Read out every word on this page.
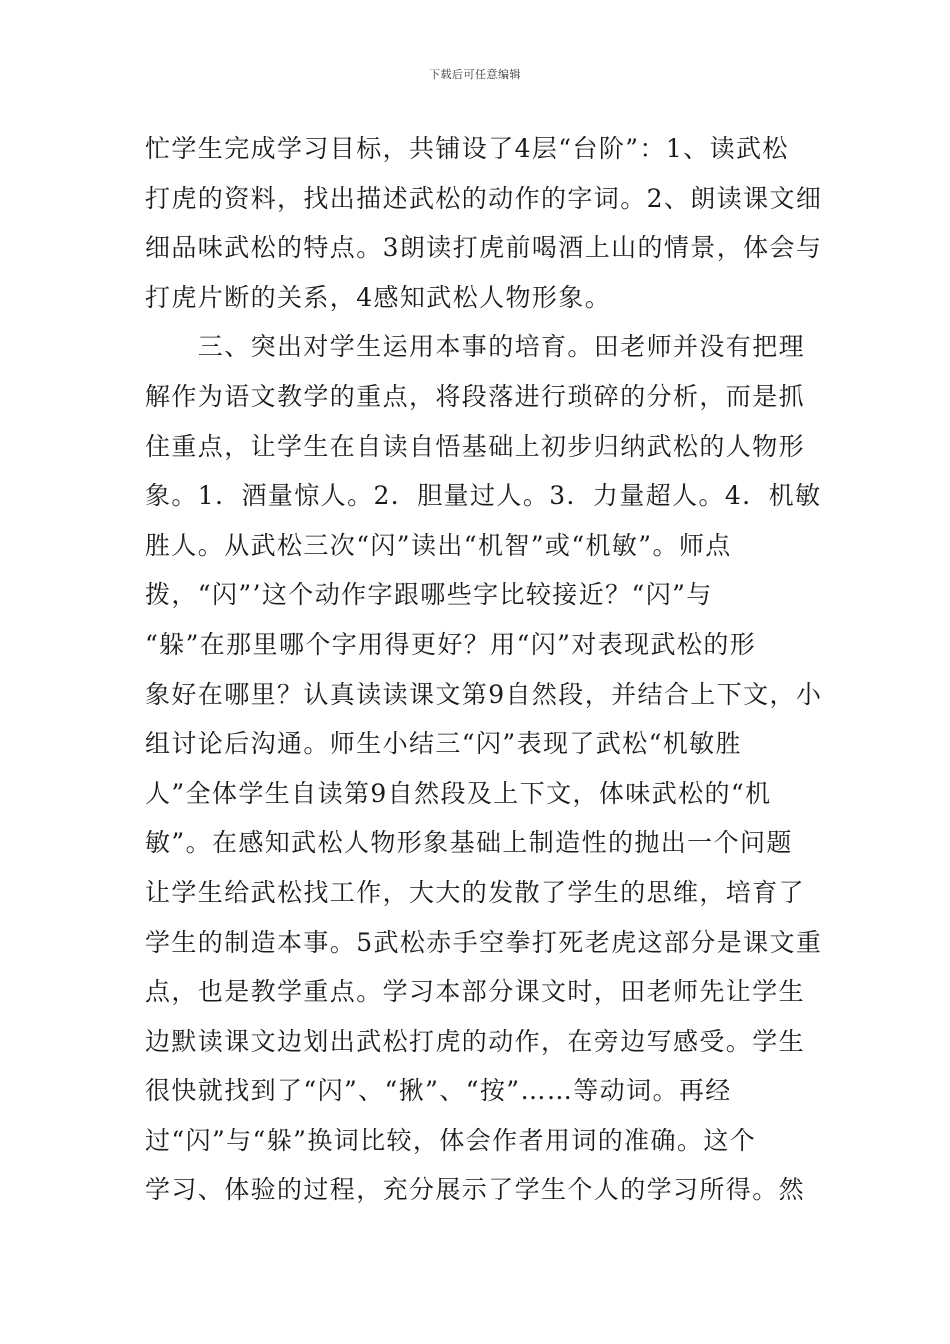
下载后可任意编辑
忙学生完成学习目标，共铺设了4层“台阶”：1、读武松
打虎的资料，找出描述武松的动作的字词。2、朗读课文细
细品味武松的特点。3朗读打虎前喝酒上山的情景，体会与
打虎片断的关系，4感知武松人物形象。
　　三、突出对学生运用本事的培育。田老师并没有把理
解作为语文教学的重点，将段落进行琐碎的分析，而是抓
住重点，让学生在自读自悟基础上初步归纳武松的人物形
象。1．酒量惊人。2．胆量过人。3．力量超人。4．机敏
胜人。从武松三次“闪”读出“机智”或“机敏”。师点
拨，“闪”’这个动作字跟哪些字比较接近？“闪”与
“躲”在那里哪个字用得更好？用“闪”对表现武松的形
象好在哪里？认真读读课文第9自然段，并结合上下文，小
组讨论后沟通。师生小结三“闪”表现了武松“机敏胜
人”全体学生自读第9自然段及上下文，体味武松的“机
敏”。在感知武松人物形象基础上制造性的抛出一个问题
让学生给武松找工作，大大的发散了学生的思维，培育了
学生的制造本事。5武松赤手空拳打死老虎这部分是课文重
点，也是教学重点。学习本部分课文时，田老师先让学生
边默读课文边划出武松打虎的动作，在旁边写感受。学生
很快就找到了“闪”、“揪”、“按”……等动词。再经
过“闪”与“躲”换词比较，体会作者用词的准确。这个
学习、体验的过程，充分展示了学生个人的学习所得。然
